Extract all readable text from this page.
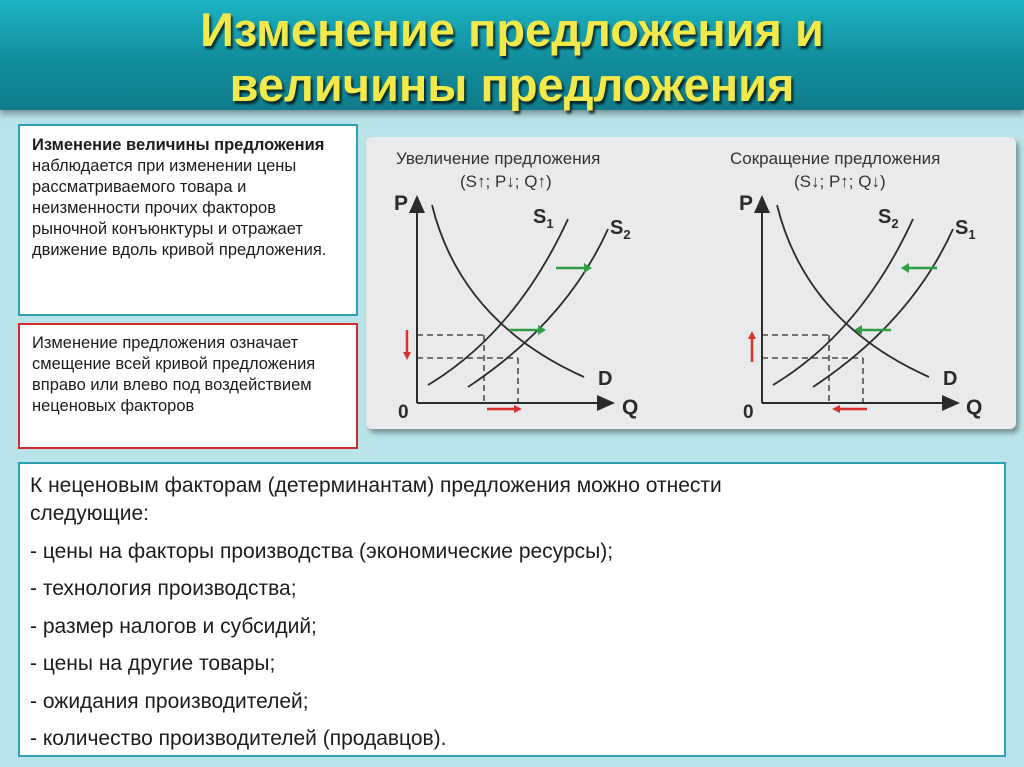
Изменение предложения и
величины предложения
Изменение величины предложения наблюдается при изменении цены рассматриваемого товара и неизменности прочих факторов рыночной конъюнктуры и отражает движение вдоль кривой предложения.
Изменение предложения означает смещение всей кривой предложения вправо или влево под воздействием неценовых факторов
Увеличение предложения
(S↑; P↓; Q↑)
P
Q
0
$S_1$	$S_2$
D
Сокращение предложения
(S↓; P↑; Q↓)
P
Q
0
$S_2$	$S_1$
D

К неценовым факторам (детерминантам) предложения можно отнести

следующие:

- цены на факторы производства (экономические ресурсы);

- технология производства;

- размер налогов и субсидий;

- цены на другие товары;

- ожидания производителей;

- количество производителей (продавцов).
